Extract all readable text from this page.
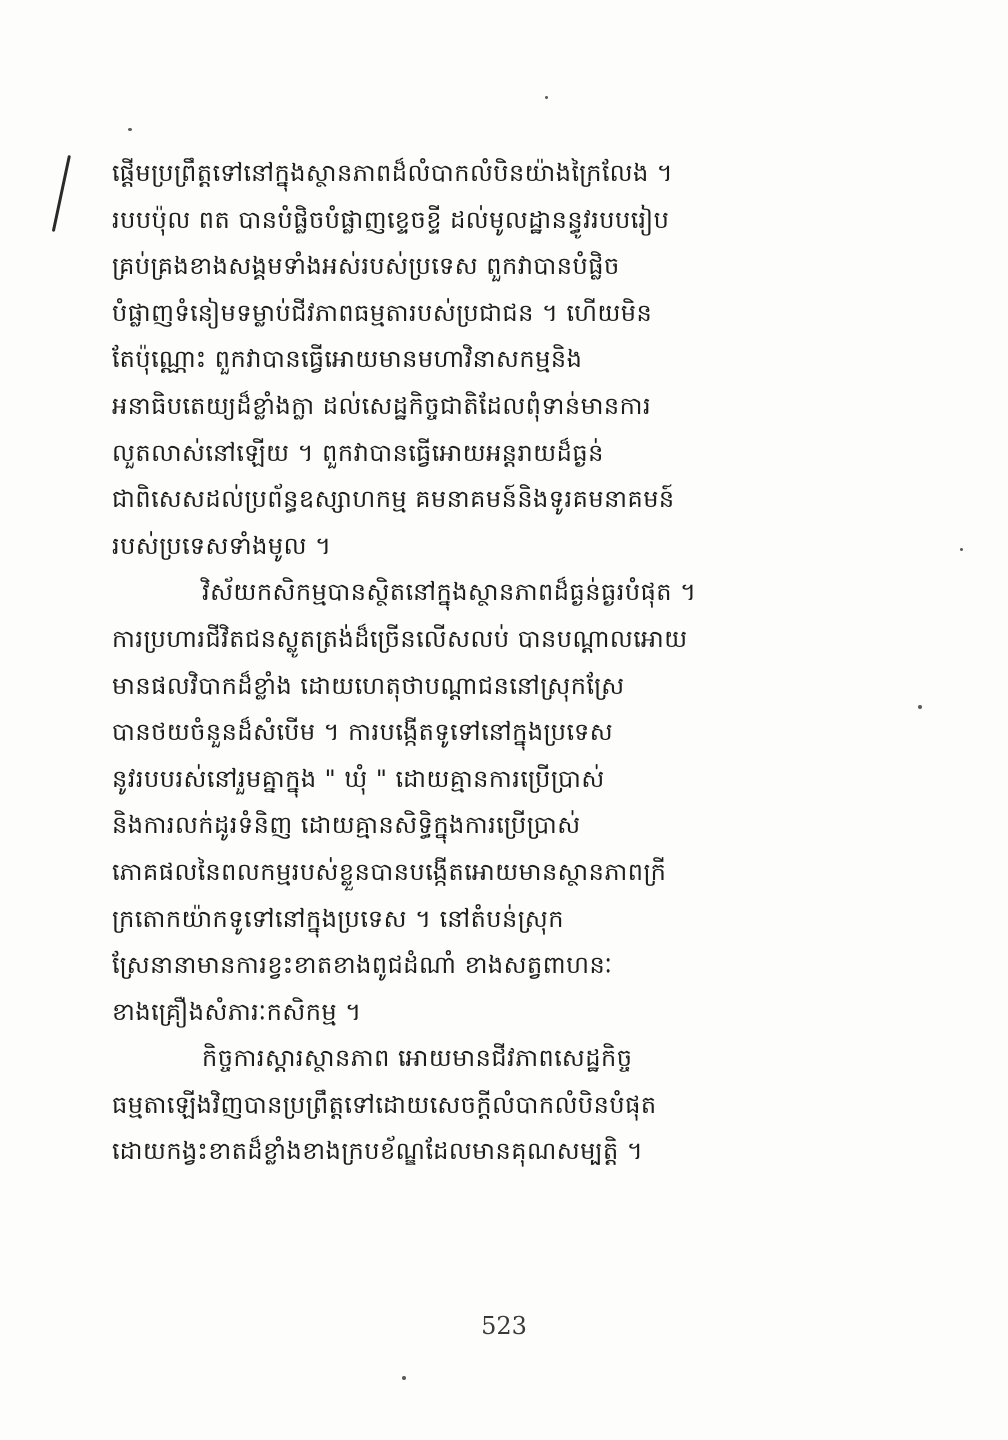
ផ្តើមប្រព្រឹត្តទៅនៅក្នុងស្ថានភាពដ៏លំបាកលំបិនយ៉ាងក្រៃលែង ។
របបប៉ុល ពត បានបំផ្លិចបំផ្លាញខ្ទេចខ្ទី ដល់មូលដ្ឋានន្ធូវរបបរៀប
គ្រប់គ្រងខាងសង្គមទាំងអស់របស់ប្រទេស ពួកវាបានបំផ្លិច
បំផ្លាញទំនៀមទម្លាប់ជីវភាពធម្មតារបស់ប្រជាជន ។ ហើយមិន
តែប៉ុណ្ណោះ ពួកវាបានធ្វើអោយមានមហាវិនាសកម្មនិង
អនាធិបតេយ្យដ៏ខ្លាំងក្លា ដល់សេដ្ឋកិច្ចជាតិដែលពុំទាន់មានការ
លួតលាស់នៅឡើយ ។ ពួកវាបានធ្វើអោយអន្តរាយដ៏ធ្ងន់
ជាពិសេសដល់ប្រព័ន្ធឧស្សាហកម្ម គមនាគមន៍និងទូរគមនាគមន៍
របស់ប្រទេសទាំងមូល ។
វិស័យកសិកម្មបានស្ថិតនៅក្នុងស្ថានភាពដ៏ធ្ងន់ធ្ងរបំផុត ។
ការប្រហារជីវិតជនស្លូតត្រង់ដ៏ច្រើនលើសលប់ បានបណ្តាលអោយ
មានផលវិបាកដ៏ខ្លាំង ដោយហេតុថាបណ្តាជននៅស្រុកស្រែ
បានថយចំនួនដ៏សំបើម ។ ការបង្កើតទូទៅនៅក្នុងប្រទេស
នូវរបបរស់នៅរួមគ្នាក្នុង " ឃុំ " ដោយគ្មានការប្រើប្រាស់
និងការលក់ដូរទំនិញ ដោយគ្មានសិទ្ធិក្នុងការប្រើប្រាស់
ភោគផលនៃពលកម្មរបស់ខ្លួនបានបង្កើតអោយមានស្ថានភាពក្រី
ក្រតោកយ៉ាកទូទៅនៅក្នុងប្រទេស ។ នៅតំបន់ស្រុក
ស្រែនានាមានការខ្វះខាតខាងពូជដំណាំ ខាងសត្វពាហនៈ
ខាងគ្រឿងសំភារៈកសិកម្ម ។
កិច្ចការស្តារស្ថានភាព អោយមានជីវភាពសេដ្ឋកិច្ច
ធម្មតាឡើងវិញបានប្រព្រឹត្តទៅដោយសេចក្តីលំបាកលំបិនបំផុត
ដោយកង្វះខាតដ៏ខ្លាំងខាងក្របខ័ណ្ឌដែលមានគុណសម្បត្តិ ។
523
